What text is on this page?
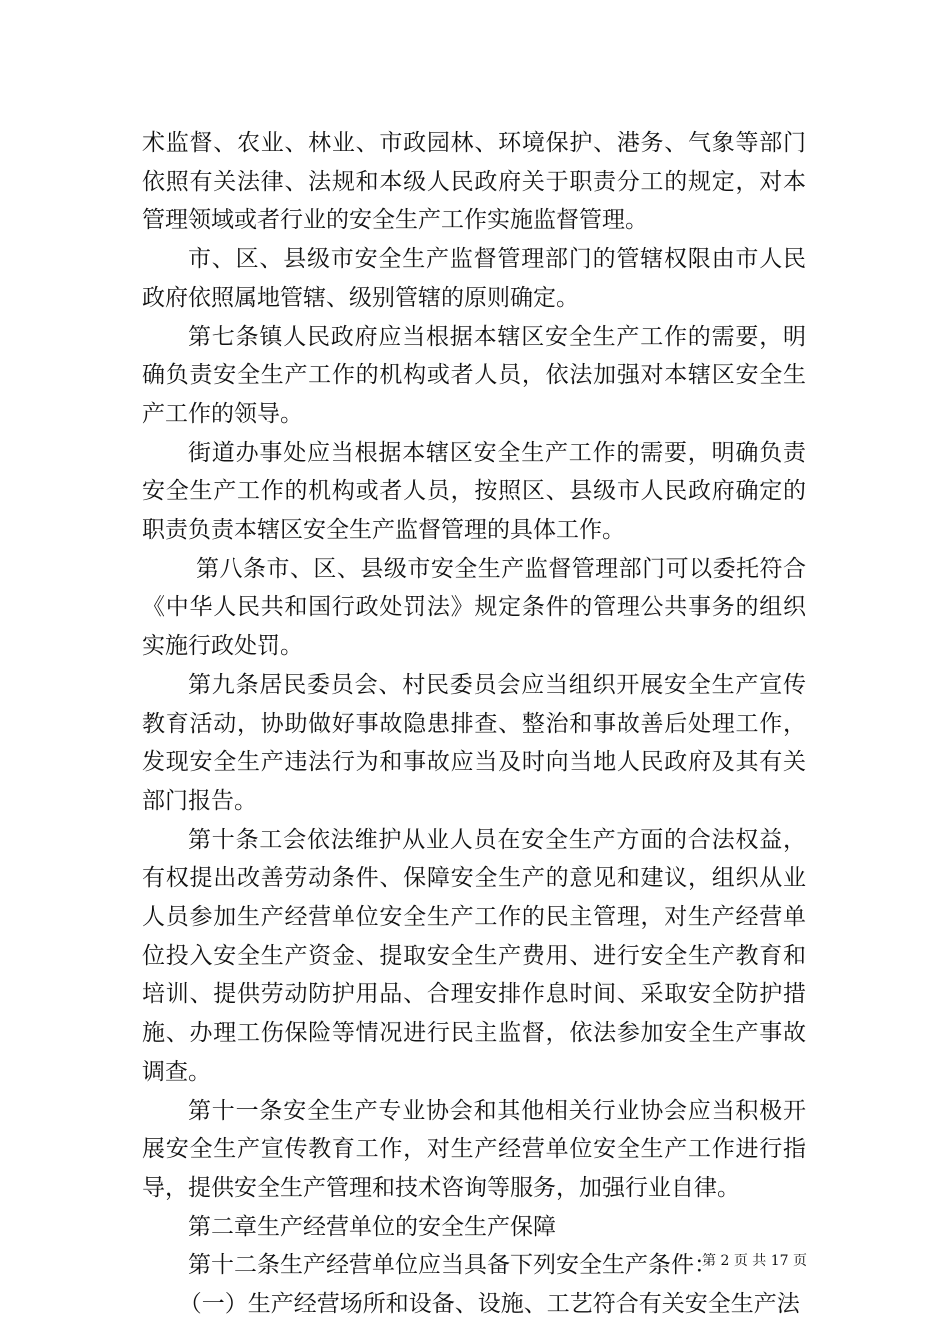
术监督、农业、林业、市政园林、环境保护、港务、气象等部门依照有关法律、法规和本级人民政府关于职责分工的规定，对本管理领域或者行业的安全生产工作实施监督管理。

市、区、县级市安全生产监督管理部门的管辖权限由市人民政府依照属地管辖、级别管辖的原则确定。

第七条镇人民政府应当根据本辖区安全生产工作的需要，明确负责安全生产工作的机构或者人员，依法加强对本辖区安全生产工作的领导。

街道办事处应当根据本辖区安全生产工作的需要，明确负责安全生产工作的机构或者人员，按照区、县级市人民政府确定的职责负责本辖区安全生产监督管理的具体工作。

第八条市、区、县级市安全生产监督管理部门可以委托符合《中华人民共和国行政处罚法》规定条件的管理公共事务的组织实施行政处罚。

第九条居民委员会、村民委员会应当组织开展安全生产宣传教育活动，协助做好事故隐患排查、整治和事故善后处理工作，发现安全生产违法行为和事故应当及时向当地人民政府及其有关部门报告。

第十条工会依法维护从业人员在安全生产方面的合法权益，有权提出改善劳动条件、保障安全生产的意见和建议，组织从业人员参加生产经营单位安全生产工作的民主管理，对生产经营单位投入安全生产资金、提取安全生产费用、进行安全生产教育和培训、提供劳动防护用品、合理安排作息时间、采取安全防护措施、办理工伤保险等情况进行民主监督，依法参加安全生产事故调查。

第十一条安全生产专业协会和其他相关行业协会应当积极开展安全生产宣传教育工作，对生产经营单位安全生产工作进行指导，提供安全生产管理和技术咨询等服务，加强行业自律。

第二章生产经营单位的安全生产保障

第十二条生产经营单位应当具备下列安全生产条件：

（一）生产经营场所和设备、设施、工艺符合有关安全生产法

第 2 页 共 17 页
